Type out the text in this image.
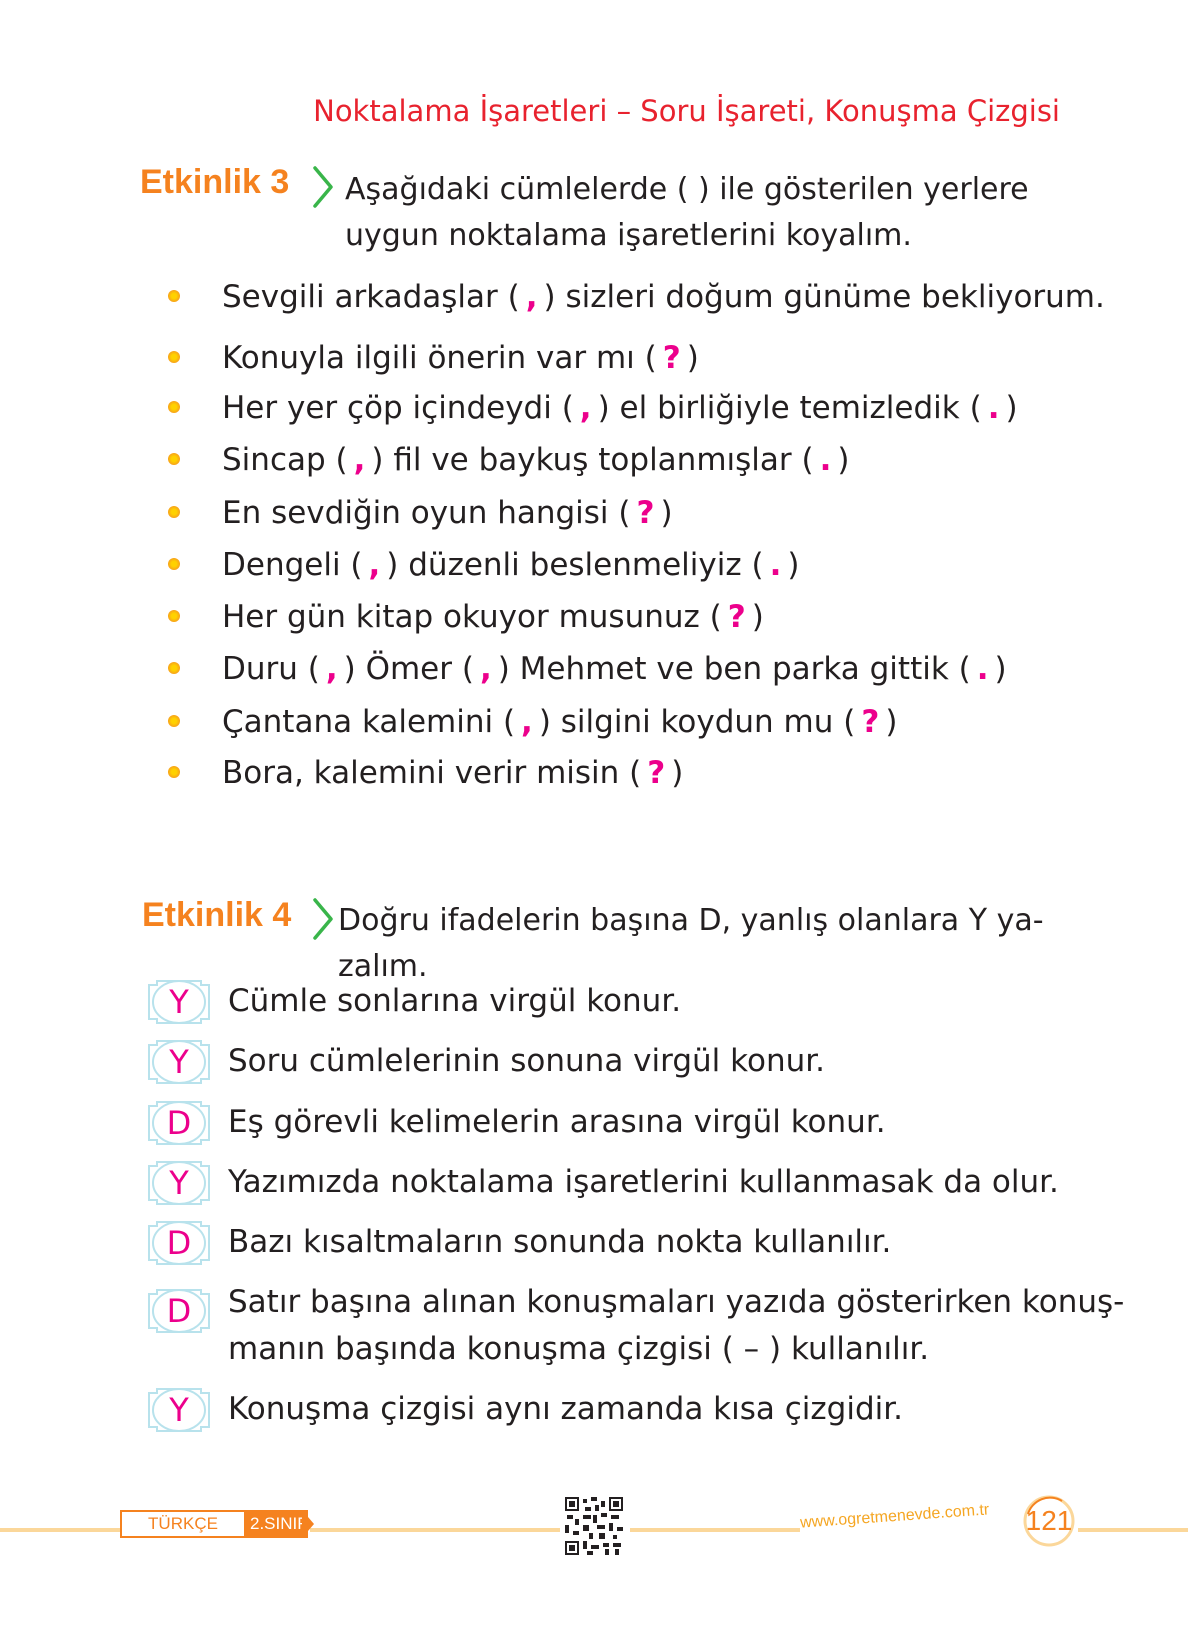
Noktalama İşaretleri – Soru İşareti, Konuşma Çizgisi
Etkinlik 3 Aşağıdaki cümlelerde ( ) ile gösterilen yerlere
uygun noktalama işaretlerini koyalım.
Sevgili arkadaşlar ( , ) sizleri doğum günüme bekliyorum.
Konuyla ilgili önerin var mı ( ? )
Her yer çöp içindeydi ( , ) el birliğiyle temizledik ( . )
Sincap ( , ) fil ve baykuş toplanmışlar ( . )
En sevdiğin oyun hangisi ( ? )
Dengeli ( , ) düzenli beslenmeliyiz ( . )
Her gün kitap okuyor musunuz ( ? )
Duru ( , ) Ömer ( , ) Mehmet ve ben parka gittik ( . )
Çantana kalemini ( , ) silgini koydun mu ( ? )
Bora, kalemini verir misin ( ? )
Etkinlik 4 Doğru ifadelerin başına D, yanlış olanlara Y ya-
zalım.
Y	Cümle sonlarına virgül konur.
Y	Soru cümlelerinin sonuna virgül konur.
D	Eş görevli kelimelerin arasına virgül konur.
Y	Yazımızda noktalama işaretlerini kullanmasak da olur.
D	Bazı kısaltmaların sonunda nokta kullanılır.
D	Satır başına alınan konuşmaları yazıda gösterirken konuş-
manın başında konuşma çizgisi ( – ) kullanılır.
Y	Konuşma çizgisi aynı zamanda kısa çizgidir.
TÜRKÇE	2.SINIF	www.ogretmenevde.com.tr 121
